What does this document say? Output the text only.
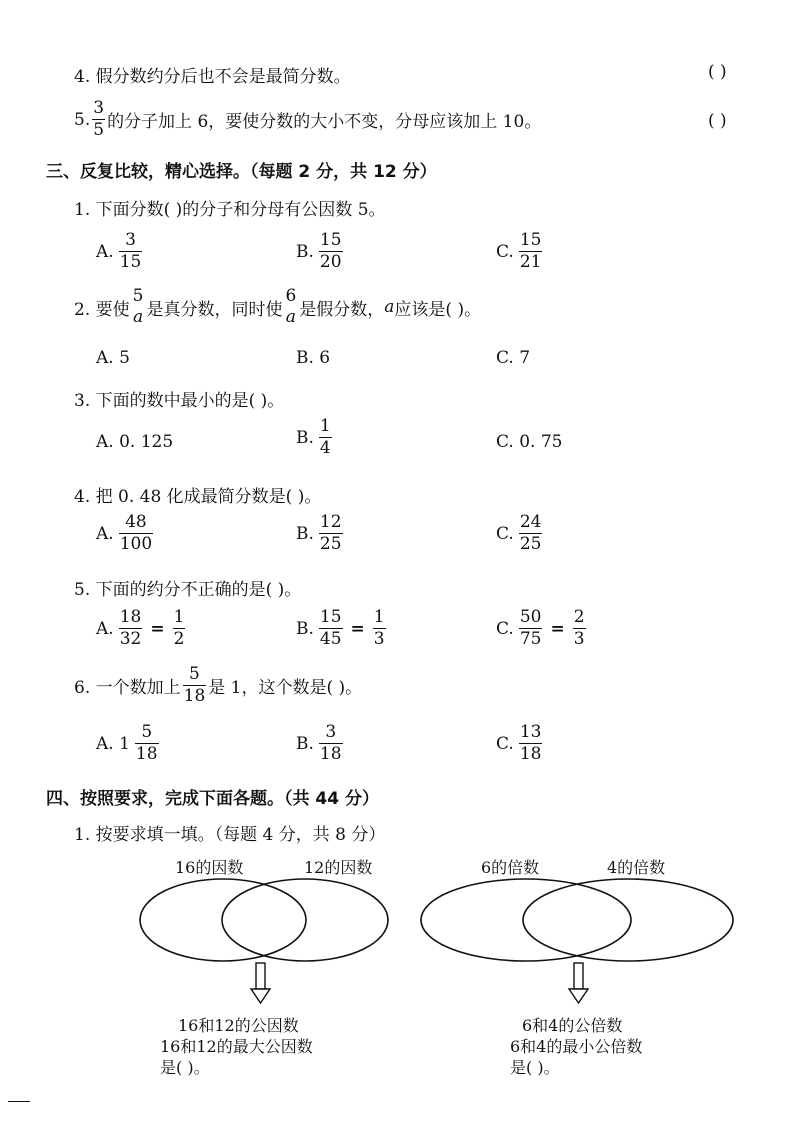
4. 假分数约分后也不会是最简分数。	( )
5. $\frac{3}{5}$ 的分子加上 6，要使分数的大小不变，分母应该加上 10。	( )
三、反复比较，精心选择。（每题 2 分，共 12 分）
1. 下面分数( )的分子和分母有公因数 5。
A. $\frac{3}{15}$	B. $\frac{15}{20}$	C. $\frac{15}{21}$
2. 要使
5
a 是真分数，同时使
6
a 是假分数， a 应该是( )。
A. 5	B. 6	C. 7
3. 下面的数中最小的是( )。
A. 0. 125	B. $\frac{1}{4}$	C. 0. 75
4. 把 0. 48 化成最简分数是( )。
A. $\frac{48}{100}$	B. $\frac{12}{25}$	C. $\frac{24}{25}$
5. 下面的约分不正确的是( )。
A. $\frac{18}{32} = \frac{1}{2}$	B. $\frac{15}{45} = \frac{1}{3}$	C. $\frac{50}{75} = \frac{2}{3}$
6. 一个数加上 $\frac{5}{18}$ 是 1，这个数是( )。
A. $1 \frac{5}{18}$	B. $\frac{3}{18}$	C. $\frac{13}{18}$
四、按照要求，完成下面各题。（共 44 分）
1. 按要求填一填。（每题 4 分，共 8 分）
16的因数	12的因数	6的倍数	4的倍数
16和12的公因数
16和12的最大公因数
是( )。
6和4的公倍数
6和4的最小公倍数
是( )。
